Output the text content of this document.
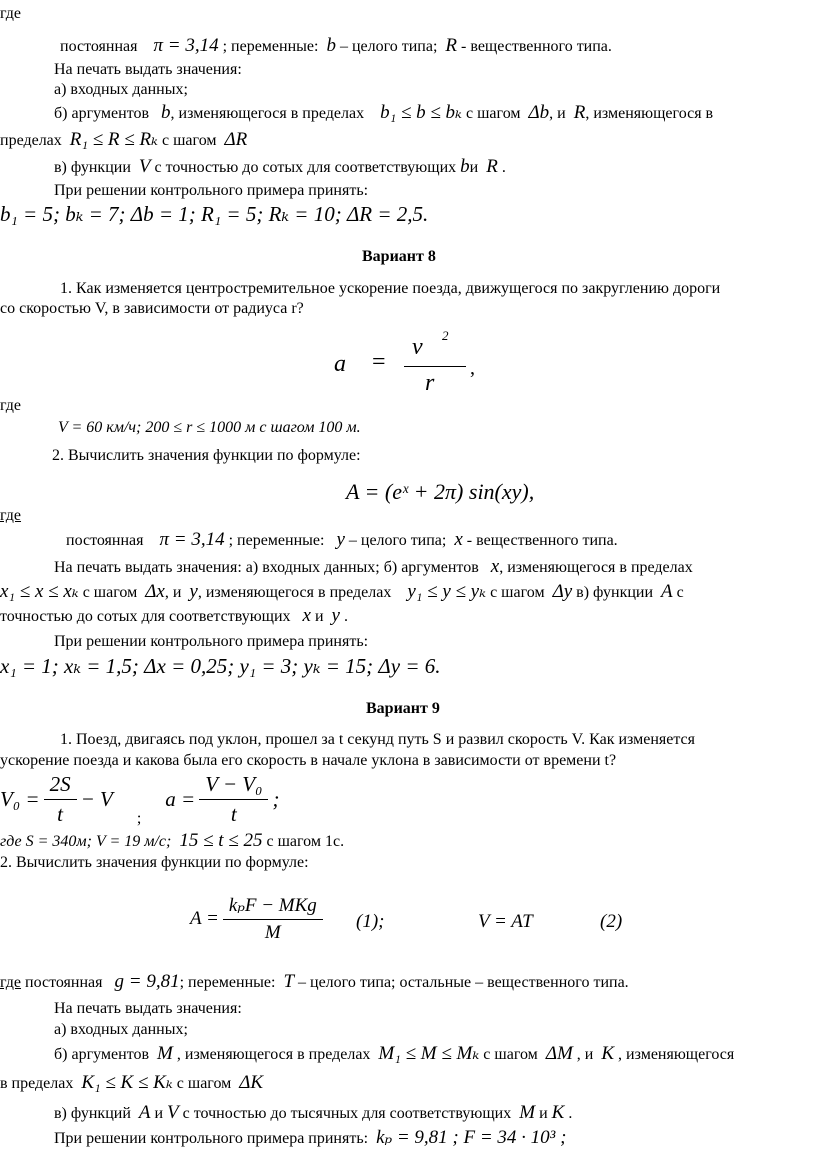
где
постоянная π = 3,14 ; переменные: b – целого типа; R - вещественного типа.
На печать выдать значения:
а) входных данных;
б) аргументов b, изменяющегося в пределах b₁ ≤ b ≤ bₖ с шагом Δb, и R, изменяющегося в
пределах R₁ ≤ R ≤ Rₖ с шагом ΔR
в) функции V с точностью до сотых для соответствующих bи R .
При решении контрольного примера принять:
b₁ = 5; bₖ = 7; Δb = 1; R₁ = 5; Rₖ = 10; ΔR = 2,5.
Вариант 8
1. Как изменяется центростремительное ускорение поезда, движущегося по закруглению дороги
со скоростью V, в зависимости от радиуса r?
a =
v 2
r
,
где
V = 60 км/ч; 200 ≤ r ≤ 1000 м с шагом 100 м.
2. Вычислить значения функции по формуле:
A = (eˣ + 2π) sin(xy),
где
постоянная π = 3,14 ; переменные: y – целого типа; x - вещественного типа.
На печать выдать значения: а) входных данных; б) аргументов x, изменяющегося в пределах
x₁ ≤ x ≤ xₖ с шагом Δx, и y, изменяющегося в пределах y₁ ≤ y ≤ yₖ с шагом Δy в) функции A с
точностью до сотых для соответствующих x и y .
При решении контрольного примера принять:
x₁ = 1; xₖ = 1,5; Δx = 0,25; y₁ = 3; yₖ = 15; Δy = 6.
Вариант 9
1. Поезд, двигаясь под уклон, прошел за t секунд путь S и развил скорость V. Как изменяется
ускорение поезда и какова была его скорость в начале уклона в зависимости от времени t?
$V_0 = \frac{2S}{t} - V$      ;      $a = \frac{\text{V − V₀}}{t}$ ;
где S = 340м; V = 19 м/с; 15 ≤ t ≤ 25 с шагом 1с.
2. Вычислить значения функции по формуле:
$A = \frac{\text{kₚF − MKg}}{M} (1)$;	V = AT	(2)
где постоянная g = 9,81; переменные: T – целого типа; остальные – вещественного типа.
На печать выдать значения:
а) входных данных;
б) аргументов M , изменяющегося в пределах M₁ ≤ M ≤ Mₖ с шагом ΔM , и K , изменяющегося
в пределах K₁ ≤ K ≤ Kₖ с шагом ΔK
в) функций A и V с точностью до тысячных для соответствующих M и K .
При решении контрольного примера принять: kₚ = 9,81 ; F = 34 · 10³ ;
